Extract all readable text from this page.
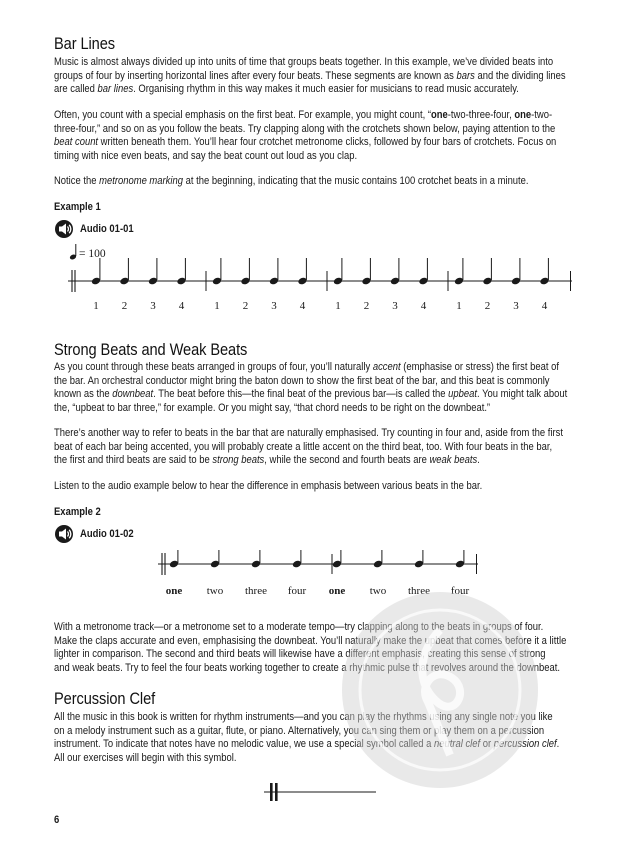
Bar Lines

Music is almost always divided up into units of time that groups beats together. In this example, we’ve divided beats into
groups of four by inserting horizontal lines after every four beats. These segments are known as bars and the dividing lines
are called bar lines. Organising rhythm in this way makes it much easier for musicians to read music accurately.

Often, you count with a special emphasis on the first beat. For example, you might count, “one-two-three-four, one-two-
three-four,” and so on as you follow the beats. Try clapping along with the crotchets shown below, paying attention to the
beat count written beneath them. You’ll hear four crotchet metronome clicks, followed by four bars of crotchets. Focus on
timing with nice even beats, and say the beat count out loud as you clap.

Notice the metronome marking at the beginning, indicating that the music contains 100 crotchet beats in a minute.

Example 1
Audio 01-01
= 100
1 2 3 4	1 2 3 4	1 2 3 4	1 2 3 4
Strong Beats and Weak Beats

As you count through these beats arranged in groups of four, you’ll naturally accent (emphasise or stress) the first beat of
the bar. An orchestral conductor might bring the baton down to show the first beat of the bar, and this beat is commonly
known as the downbeat. The beat before this—the final beat of the previous bar—is called the upbeat. You might talk about
the, “upbeat to bar three,” for example. Or you might say, “that chord needs to be right on the downbeat.”

There’s another way to refer to beats in the bar that are naturally emphasised. Try counting in four and, aside from the first
beat of each bar being accented, you will probably create a little accent on the third beat, too. With four beats in the bar,
the first and third beats are said to be strong beats, while the second and fourth beats are weak beats.

Listen to the audio example below to hear the difference in emphasis between various beats in the bar.

Example 2
Audio 01-02
one two three four one two three four

With a metronome track—or a metronome set to a moderate tempo—try clapping along to the beats in groups of four.
Make the claps accurate and even, emphasising the downbeat. You’ll naturally make the upbeat that comes before it a little
lighter in comparison. The second and third beats will likewise have a different emphasis, creating this sense of strong
and weak beats. Try to feel the four beats working together to create a rhythmic pulse that revolves around the downbeat.

Percussion Clef

All the music in this book is written for rhythm instruments—and you can play the rhythms using any single note you like
on a melody instrument such as a guitar, flute, or piano. Alternatively, you can sing them or play them on a percussion
instrument. To indicate that notes have no melodic value, we use a special symbol called a neutral clef or percussion clef.
All our exercises will begin with this symbol.

6
